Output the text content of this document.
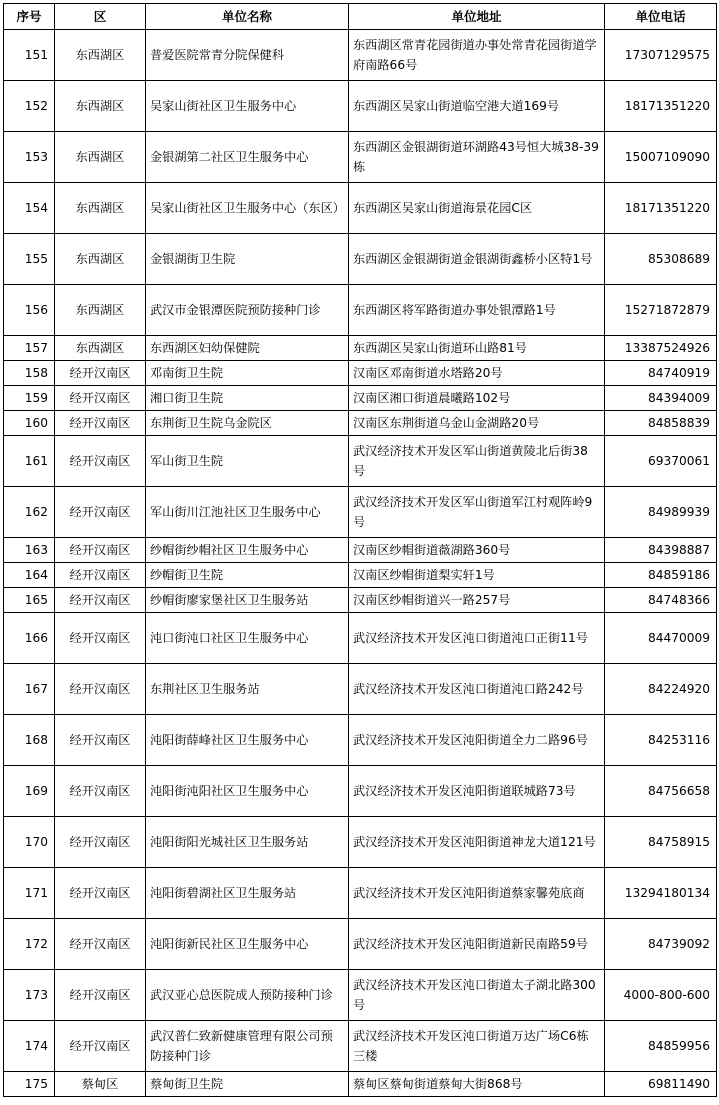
序号	区	单位名称	单位地址	单位电话
151	东西湖区	普爱医院常青分院保健科	东西湖区常青花园街道办事处常青花园街道学府南路66号	17307129575
152	东西湖区	吴家山街社区卫生服务中心	东西湖区吴家山街道临空港大道169号	18171351220
153	东西湖区	金银湖第二社区卫生服务中心	东西湖区金银湖街道环湖路43号恒大城38-39栋	15007109090
154	东西湖区	吴家山街社区卫生服务中心（东区）	东西湖区吴家山街道海景花园C区	18171351220
155	东西湖区	金银湖街卫生院	东西湖区金银湖街道金银湖街鑫桥小区特1号	85308689
156	东西湖区	武汉市金银潭医院预防接种门诊	东西湖区将军路街道办事处银潭路1号	15271872879
157	东西湖区	东西湖区妇幼保健院	东西湖区吴家山街道环山路81号	13387524926
158	经开汉南区	邓南街卫生院	汉南区邓南街道水塔路20号	84740919
159	经开汉南区	湘口街卫生院	汉南区湘口街道晨曦路102号	84394009
160	经开汉南区	东荆街卫生院乌金院区	汉南区东荆街道乌金山金湖路20号	84858839
161	经开汉南区	军山街卫生院	武汉经济技术开发区军山街道黄陵北后街38号	69370061
162	经开汉南区	军山街川江池社区卫生服务中心	武汉经济技术开发区军山街道军江村观阵岭9号	84989939
163	经开汉南区	纱帽街纱帽社区卫生服务中心	汉南区纱帽街道薇湖路360号	84398887
164	经开汉南区	纱帽街卫生院	汉南区纱帽街道梨实轩1号	84859186
165	经开汉南区	纱帽街廖家堡社区卫生服务站	汉南区纱帽街道兴一路257号	84748366
166	经开汉南区	沌口街沌口社区卫生服务中心	武汉经济技术开发区沌口街道沌口正街11号	84470009
167	经开汉南区	东荆社区卫生服务站	武汉经济技术开发区沌口街道沌口路242号	84224920
168	经开汉南区	沌阳街薛峰社区卫生服务中心	武汉经济技术开发区沌阳街道全力二路96号	84253116
169	经开汉南区	沌阳街沌阳社区卫生服务中心	武汉经济技术开发区沌阳街道联城路73号	84756658
170	经开汉南区	沌阳街阳光城社区卫生服务站	武汉经济技术开发区沌阳街道神龙大道121号	84758915
171	经开汉南区	沌阳街碧湖社区卫生服务站	武汉经济技术开发区沌阳街道蔡家馨苑底商	13294180134
172	经开汉南区	沌阳街新民社区卫生服务中心	武汉经济技术开发区沌阳街道新民南路59号	84739092
173	经开汉南区	武汉亚心总医院成人预防接种门诊	武汉经济技术开发区沌口街道太子湖北路300号	4000-800-600
174	经开汉南区	武汉普仁致新健康管理有限公司预防接种门诊	武汉经济技术开发区沌口街道万达广场C6栋三楼	84859956
175	蔡甸区	蔡甸街卫生院	蔡甸区蔡甸街道蔡甸大街868号	69811490
